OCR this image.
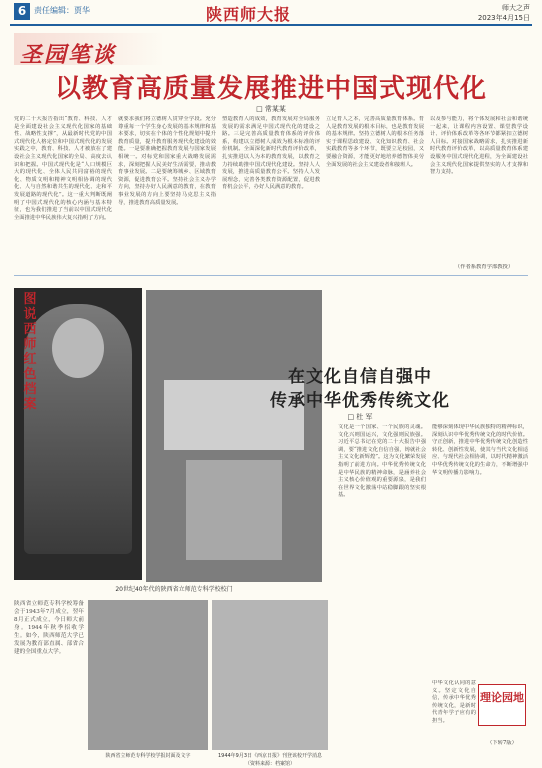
6 责任编辑：贾华	陕西师大报	师大之声
2023年4月15日
圣园笔谈
以教育高质量发展推进中国式现代化
□ 常某某
党的二十大报告指出“教育、科技、人才是全面建设社会主义现代化国家的基础性、战略性支撑”，从最新时代党的中国式现代化人格定位和中国式现代化的发展实践之中，教育、科技、人才被放在了建设社会主义现代化国家的全局、高度去认识和把握。中国式现代化是“人口规模巨大的现代化、全体人民共同富裕的现代化、物质文明和精神文明相协调的现代化、人与自然和谐共生的现代化、走和平发展道路的现代化”。这一重大判断既阐明了中国式现代化的核心内涵与基本特征，也为我们推进了当前以中国式现代化全面推进中华民族伟大复兴指明了方向。
就要求我们将立德树人贯穿全学段。充分尊重每一个学生身心发展的基本规律和基本要求，切实在个体的个性化规划中提升教育质量，提升教育服务现代化建设的效能。一是要准确把握教育发展与国家发展相统一。对标党和国家重大战略发展需求，深刻把握人民美好生活需要，推动教育事业发展。二是要统筹城乡、区域教育资源，促进教育公平。坚持社会主义办学方向，坚持办好人民满意的教育，在教育事业发展的方向上要坚持马克思主义指导，推进教育高质量发展。
塑造教育人的成效，教育发展对全局服务发展的需求满足中国式现代化的建设之路。三是完善高质量教育体系的评价体系，构建以立德树人成效为根本标准的评价机制。全面深化新时代教育评价改革，扎实推进以人为本的教育发展，以教育之力持续助推中国式现代化建设。坚持人人发展，推进高质量教育公平。坚持人人发展理念，完善各类教育资源配置，促进教育机会公平，办好人民满意的教育。
立足育人之本，完善高质量教育体系。育人是教育发展的根本目标，也是教育发展的基本规律。坚持立德树人的根本任务落实于课程思政建设、文化知识教育、社会实践教育等多个环节，既要立足校园，又要融合资源，才能更好地培养德智体美劳全面发展的社会主义建设者和接班人。
以及参与能力，将个体发展和社会和谐统一起来，让课程内容设置、课堂教学设计、评价体系改革等各环节都紧扣立德树人目标。对接国家战略需求，扎实推进新时代教育评价改革，以高质量教育体系建设服务中国式现代化进程，为全面建设社会主义现代化国家提供坚实的人才支撑和智力支持。
（作者系教育学部教授）
图说西师红色档案
20世纪40年代的陕西省立师范专科学校校门
在文化自信自强中
传承中华优秀传统文化
□ 杜 军
文化是一个国家、一个民族的灵魂。文化兴则国运兴，文化强则民族强。习近平总书记在党的二十大报告中强调，要“推进文化自信自强，铸就社会主义文化新辉煌”。这为文化繁荣发展指明了前进方向。中华优秀传统文化是中华民族的精神命脉，是涵养社会主义核心价值观的重要源泉，是我们在世界文化激荡中站稳脚跟的坚实根基。
能够深刻体现中华民族独特的精神标识，深刻认识中华优秀传统文化的时代价值。守正创新，推进中华优秀传统文化创造性转化、创新性发展，使其与当代文化相适应、与现代社会相协调，以时代精神激活中华优秀传统文化的生命力，不断增强中华文明传播力影响力。
中华文化认同的意义。坚定文化自信，传承中华优秀传统文化，是新时代青年学子应有的担当。
（下转7版）
理论园地
陕西省立师范专科学校筹备会于1943年7月成立，翌年8月正式成立，今日师大前身。1944年秋季招收学生。如今，陕西师范大学已发展为教育部直属、部省合建的全国重点大学。
陕西省立师范专科学校学报封面及文字	1944年9月3日《西京日报》刊登该校开学消息
（资料来源：档案馆）
